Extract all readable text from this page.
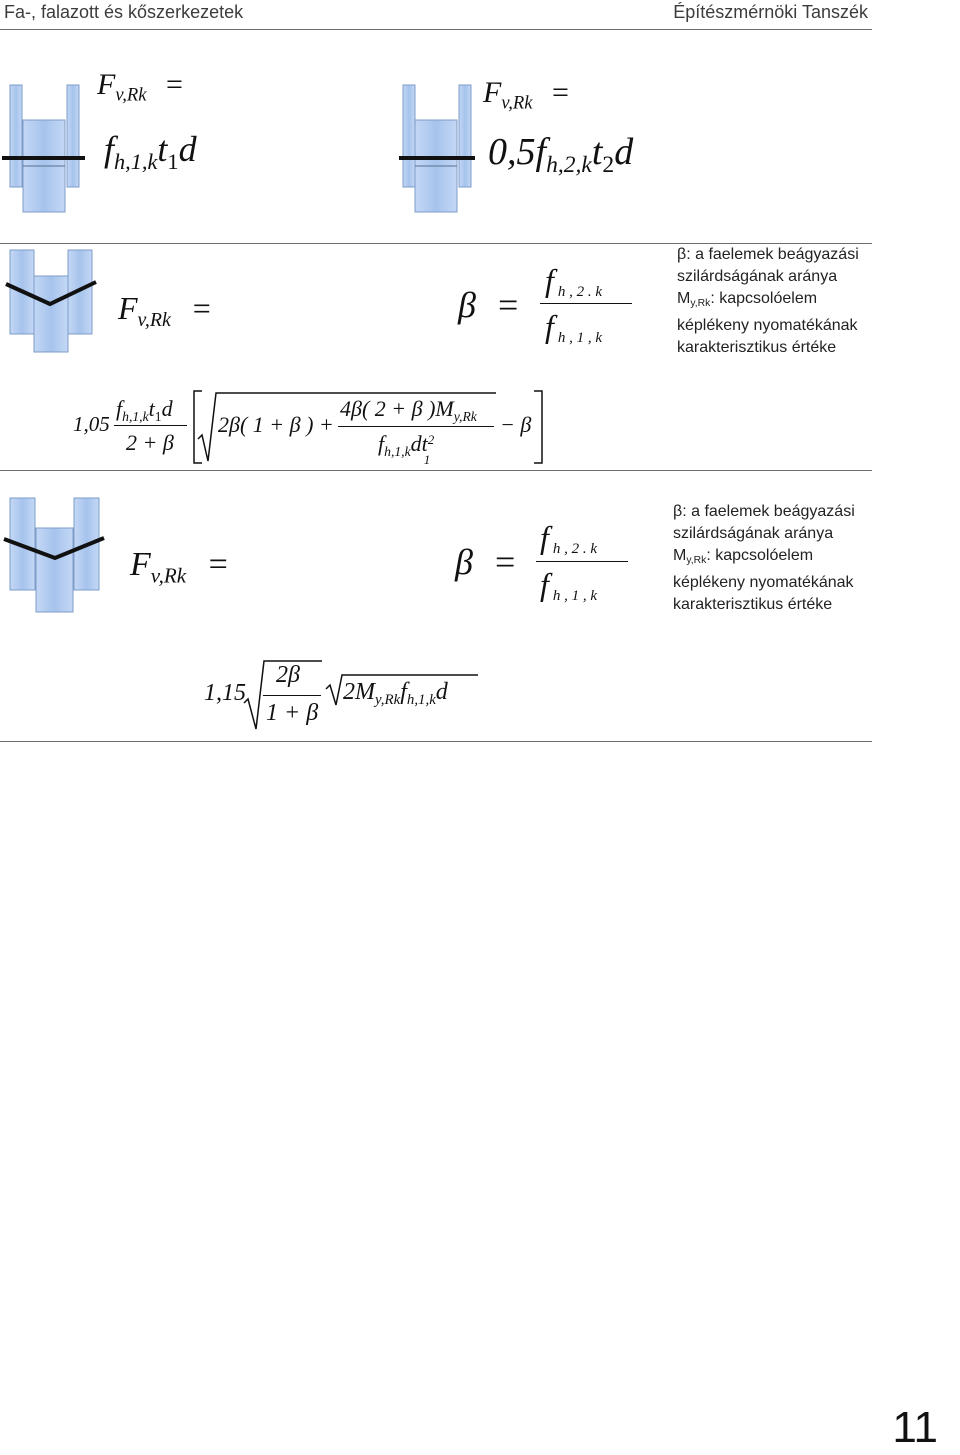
Fa-, falazott és kőszerkezetek	Építészmérnöki Tanszék
$F_{v,Rk}$ =
$f_{h,1,k}t_1d$
$F_{v,Rk}$ =
$0,5f_{h,2,k}t_2d$
$F_{v,Rk}$ =	β =
f $_{h , 2 . k}$
f $_{h , 1 , k}$
β: a faelemek beágyazási
szilárdságának aránya
$M_{y,Rk}$: kapcsolóelem
képlékeny nyomatékának
karakterisztikus értéke
1,05
$f_{h,1,k}t_1d$
2 + β
2β( 1 + β ) +
4β( 2 + β )$M_{y,Rk}$
$f_{h,1,k}dt$ 2
1
− β
$F_{v,Rk}$ =	β =
f $_{h , 2 . k}$
f $_{h , 1 , k}$
β: a faelemek beágyazási
szilárdságának aránya
$M_{y,Rk}$: kapcsolóelem
képlékeny nyomatékának
karakterisztikus értéke
1,15
2β
1 + β
$2M_{y,Rk}f_{h,1,k}d$
11
